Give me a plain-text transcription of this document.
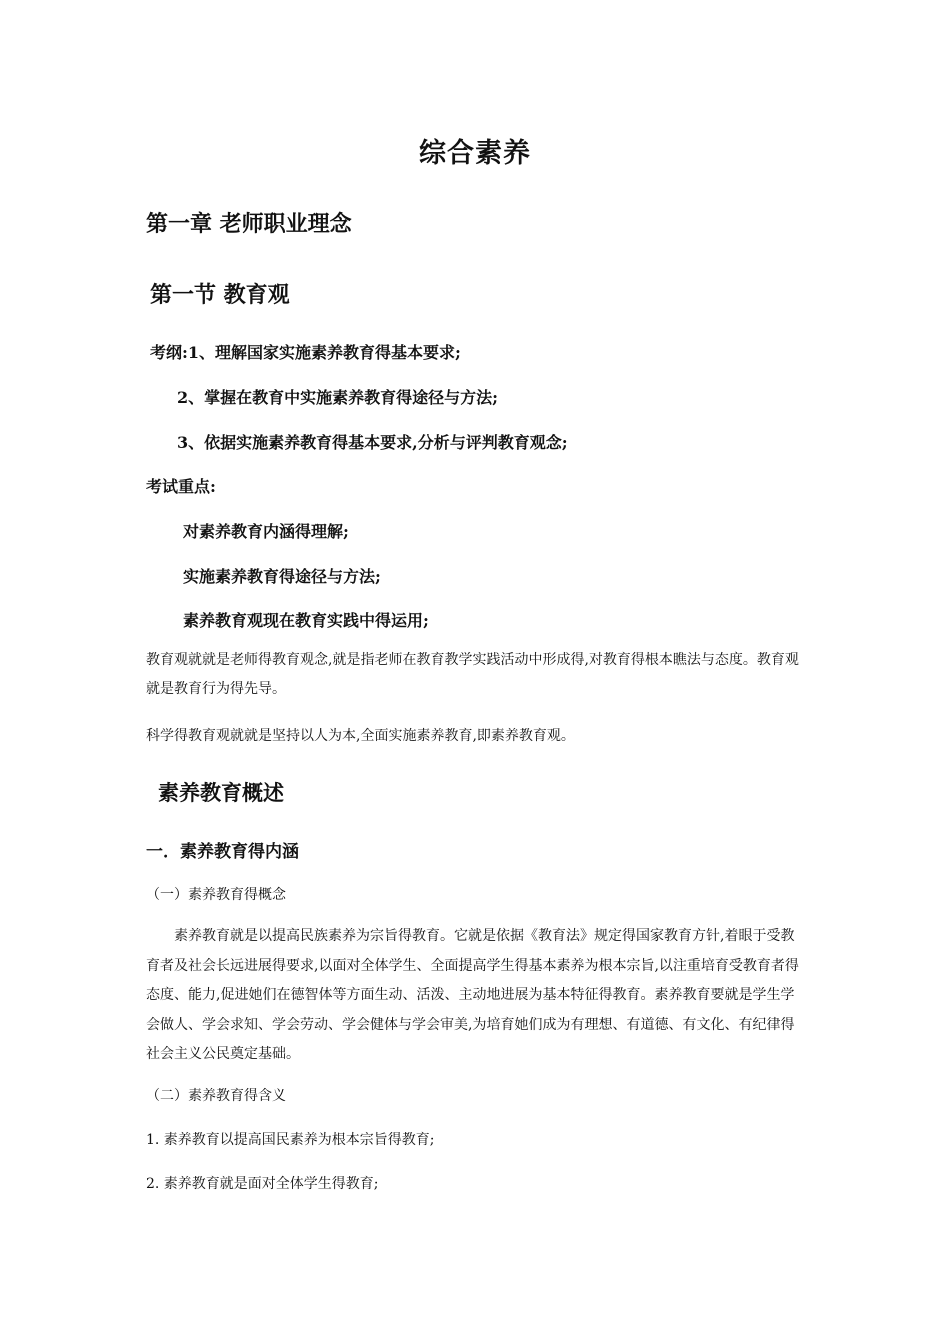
综合素养
第一章 老师职业理念
第一节 教育观
考纲:1、理解国家实施素养教育得基本要求;
2、掌握在教育中实施素养教育得途径与方法;
3、依据实施素养教育得基本要求,分析与评判教育观念;
考试重点:
对素养教育内涵得理解;
实施素养教育得途径与方法;
素养教育观现在教育实践中得运用;
教育观就就是老师得教育观念,就是指老师在教育教学实践活动中形成得,对教育得根本瞧法与态度。教育观就是教育行为得先导。
科学得教育观就就是坚持以人为本,全面实施素养教育,即素养教育观。
素养教育概述
一．素养教育得内涵
（一）素养教育得概念
素养教育就是以提高民族素养为宗旨得教育。它就是依据《教育法》规定得国家教育方针,着眼于受教育者及社会长远进展得要求,以面对全体学生、全面提高学生得基本素养为根本宗旨,以注重培育受教育者得态度、能力,促进她们在德智体等方面生动、活泼、主动地进展为基本特征得教育。素养教育要就是学生学会做人、学会求知、学会劳动、学会健体与学会审美,为培育她们成为有理想、有道德、有文化、有纪律得社会主义公民奠定基础。
（二）素养教育得含义
1. 素养教育以提高国民素养为根本宗旨得教育;
2. 素养教育就是面对全体学生得教育;
